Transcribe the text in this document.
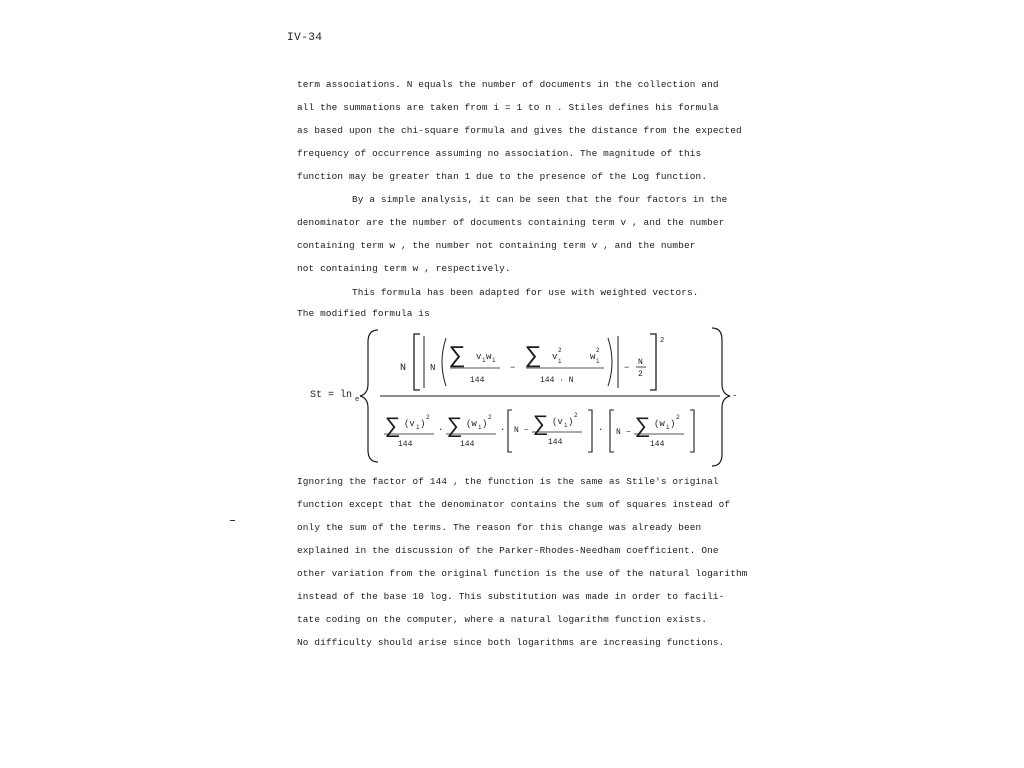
IV-34
term associations. N equals the number of documents in the collection and
all the summations are taken from i = 1 to n . Stiles defines his formula
as based upon the chi-square formula and gives the distance from the expected
frequency of occurrence assuming no association. The magnitude of this
function may be greater than 1 due to the presence of the Log function.
By a simple analysis, it can be seen that the four factors in the
denominator are the number of documents containing term v , and the number
containing term w , the number not containing term v , and the number
not containing term w , respectively.
This formula has been adapted for use with weighted vectors.
The modified formula is
St = ln e
N	N ∑ v i w i
144
− ∑ v
2
i	w
2
i
144 · N
−
N
2
2
∑ (v i )
2
144
· ∑ (w i )
2
144
· N − ∑ (v i )
2
144
· N − ∑ (w i )
2
144
-
Ignoring the factor of 144 , the function is the same as Stile's original
function except that the denominator contains the sum of squares instead of
only the sum of the terms. The reason for this change was already been
explained in the discussion of the Parker-Rhodes-Needham coefficient. One
other variation from the original function is the use of the natural logarithm
instead of the base 10 log. This substitution was made in order to facili-
tate coding on the computer, where a natural logarithm function exists.
No difficulty should arise since both logarithms are increasing functions.
